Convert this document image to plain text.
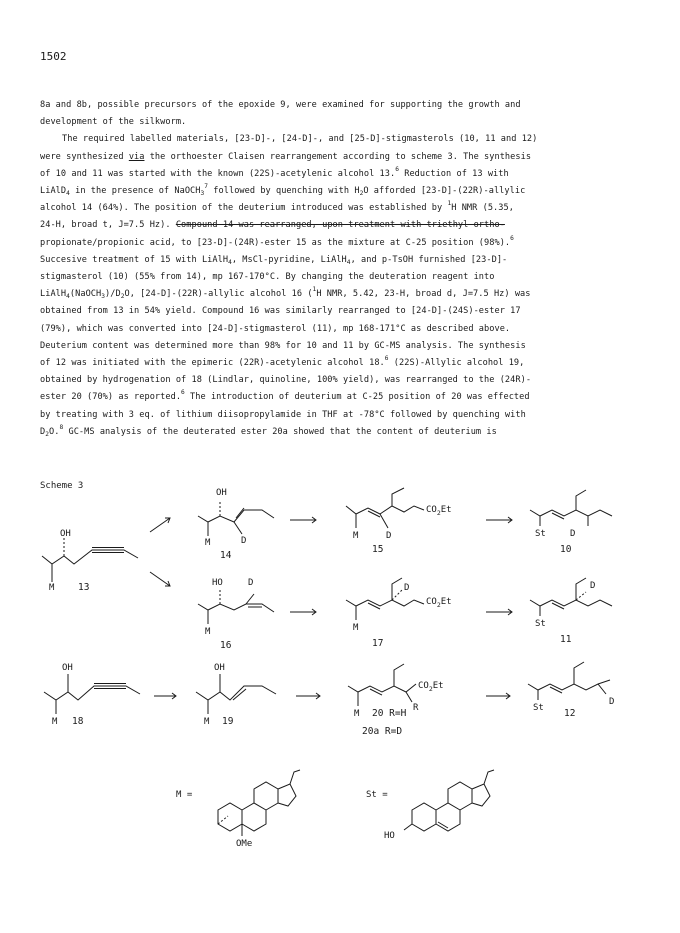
1502

8a and 8b, possible precursors of the epoxide 9, were examined for supporting the growth and

development of the silkworm.

The required labelled materials, [23-D]-, [24-D]-, and [25-D]-stigmasterols (10, 11 and 12)

were synthesized via the orthoester Claisen rearrangement according to scheme 3. The synthesis

of 10 and 11 was started with the known (22S)-acetylenic alcohol 13.$^6$ Reduction of 13 with

LiAlD$_4$ in the presence of NaOCH$_3^7$ followed by quenching with $H_2O$ afforded [23-D]-(22R)-allylic

alcohol 14 (64%). The position of the deuterium introduced was established by $^1$H NMR (5.35,

24-H, broad t, J=7.5 Hz). Compound 14 was rearranged, upon treatment with triethyl ortho-

propionate/propionic acid, to [23-D]-(24R)-ester 15 as the mixture at C-25 position (98%).$^6$

Succesive treatment of 15 with LiAlH$_4$, MsCl-pyridine, LiAlH$_4$, and p-TsOH furnished [23-D]-

stigmasterol (10) (55% from 14), mp 167-170°C. By changing the deuteration reagent into

$LiAlH_4(NaOCH_3)/D_2O$, [24-D]-(22R)-allylic alcohol 16 ($^1$H NMR, 5.42, 23-H, broad d, J=7.5 Hz) was

obtained from 13 in 54% yield. Compound 16 was similarly rearranged to [24-D]-(24S)-ester 17

(79%), which was converted into [24-D]-stigmasterol (11), mp 168-171°C as described above.

Deuterium content was determined more than 98% for 10 and 11 by GC-MS analysis. The synthesis

of 12 was initiated with the epimeric (22R)-acetylenic alcohol 18.$^6$ (22S)-Allylic alcohol 19,

obtained by hydrogenation of 18 (Lindlar, quinoline, 100% yield), was rearranged to the (24R)-

ester 20 (70%) as reported.$^6$ The introduction of deuterium at C-25 position of 20 was effected

by treating with 3 eq. of lithium diisopropylamide in THF at -78°C followed by quenching with

$D_2O.^8$ GC-MS analysis of the deuterated ester 20a showed that the content of deuterium is

Scheme 3
OH
M 13
OH
M	D
14
$CO_2Et$
M	D
15
St	D
10
HO	D
M
16
D
$CO_2Et$
M
17
D
St
11
OH
M 18
OH
M 19
$CO_2Et$
R
M 20 R=H
20a R=D
D
St 12
M =
OMe
St =
HO
